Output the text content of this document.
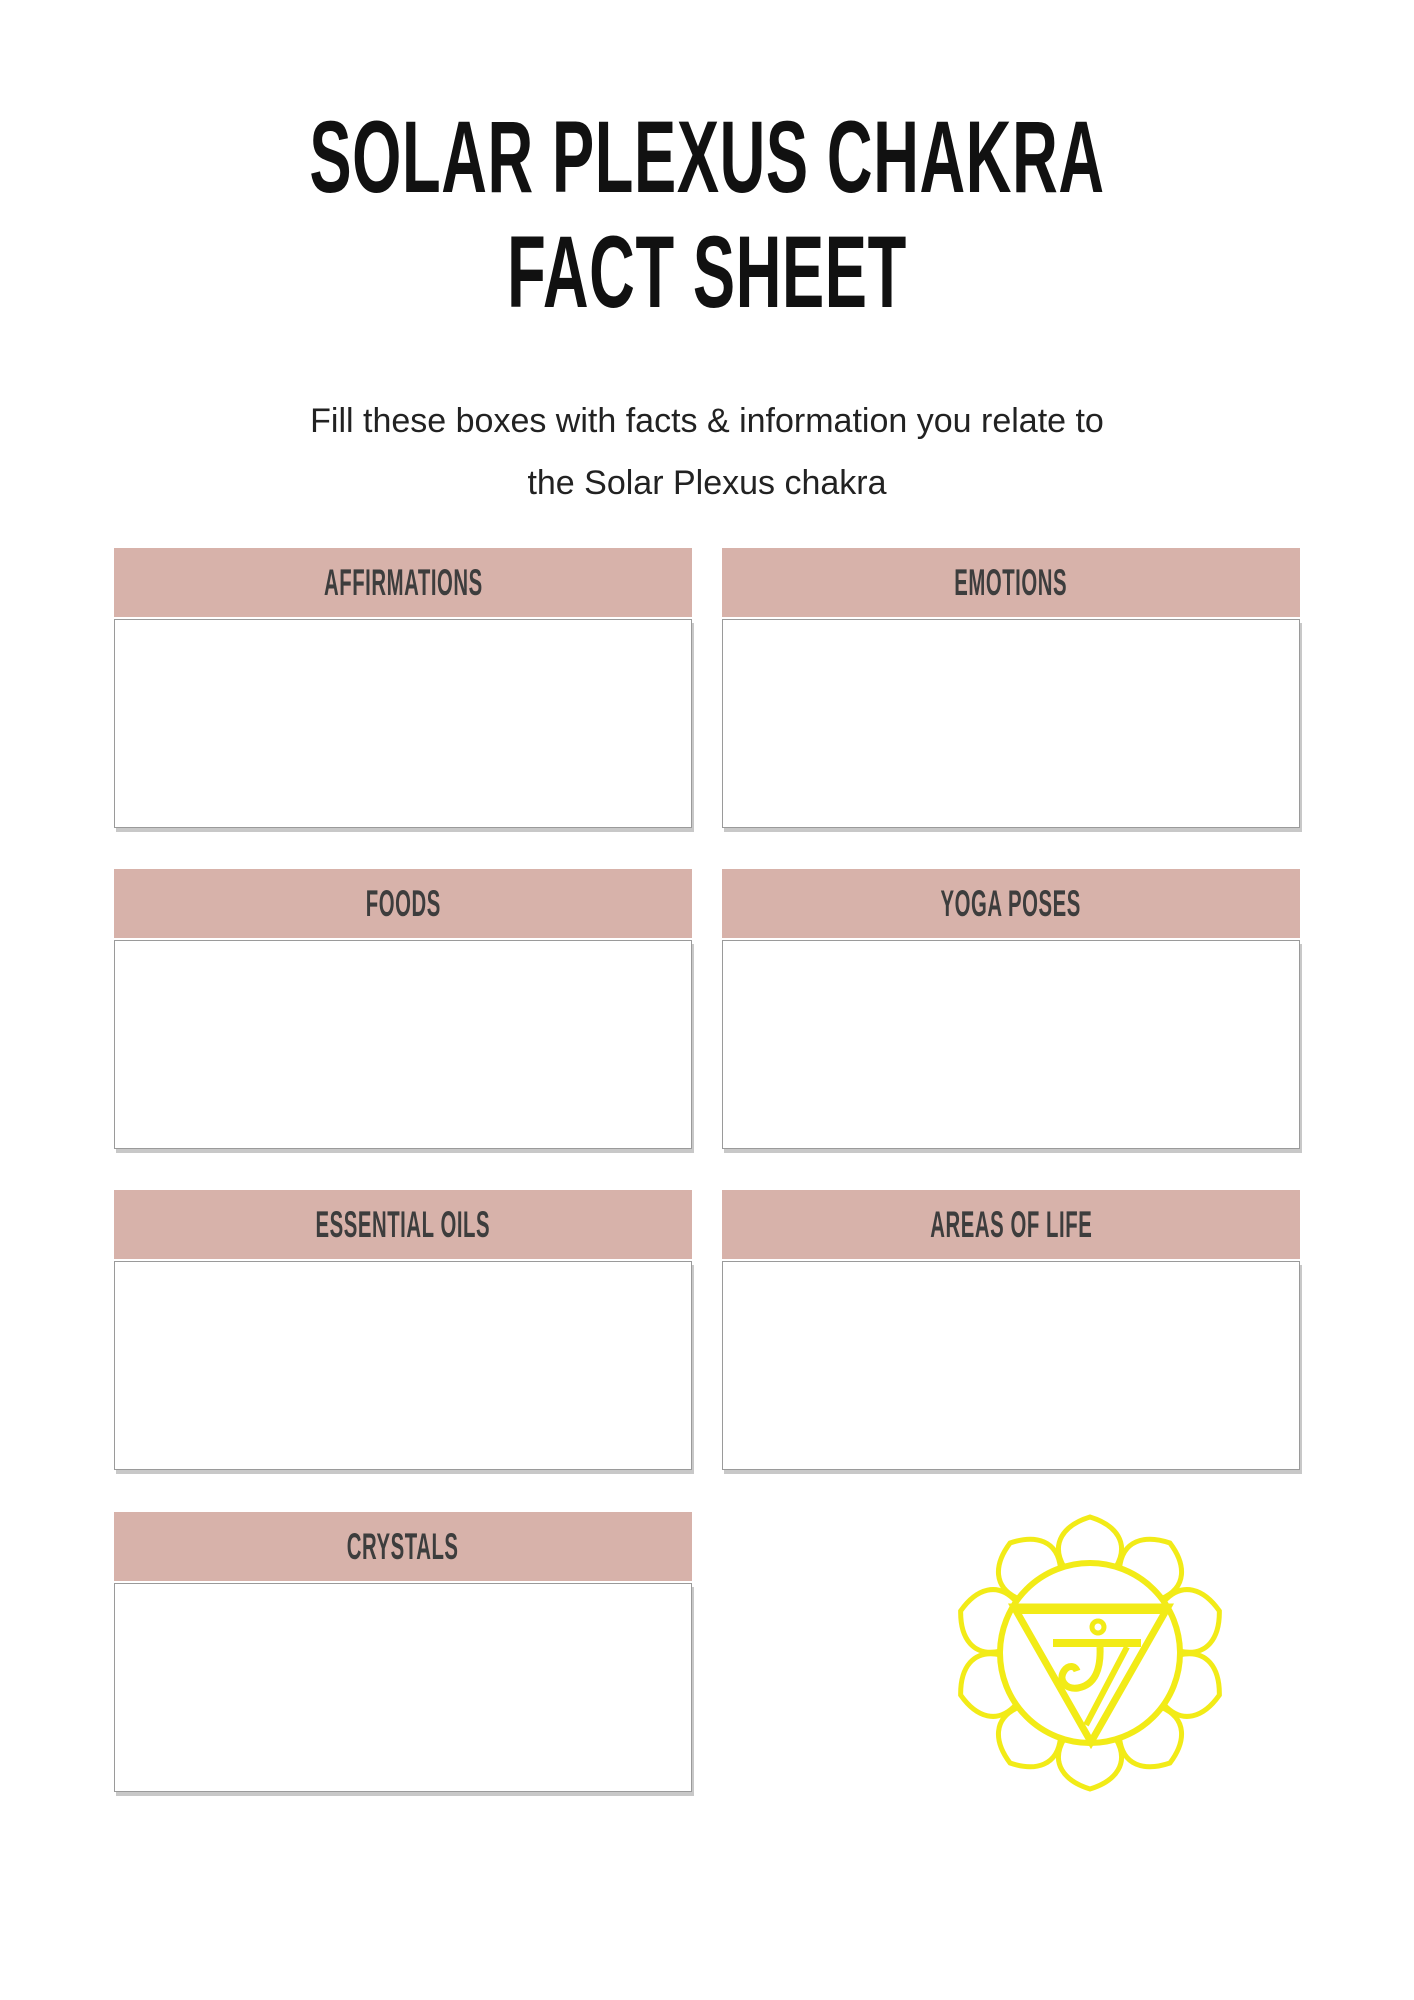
SOLAR PLEXUS CHAKRA
FACT SHEET
Fill these boxes with facts & information you relate to
the Solar Plexus chakra
AFFIRMATIONS	EMOTIONS
FOODS	YOGA POSES
ESSENTIAL OILS	AREAS OF LIFE
CRYSTALS
